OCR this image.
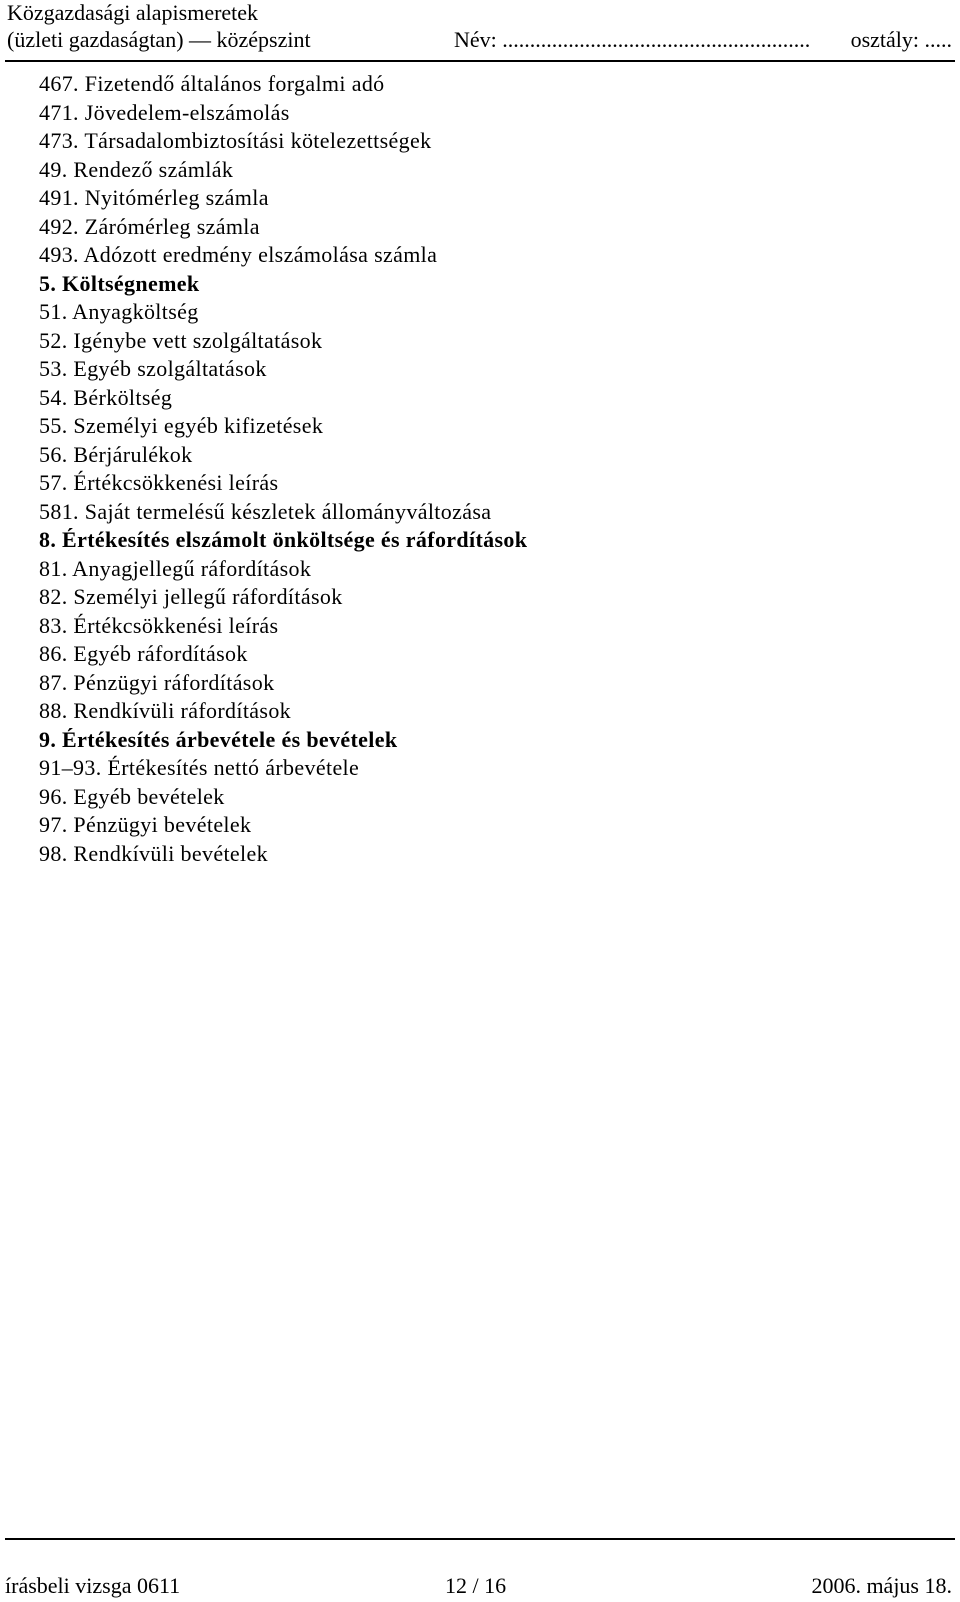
Közgazdasági alapismeretek
(üzleti gazdaságtan) — középszint	Név: ........................................................ osztály: .....
467. Fizetendő általános forgalmi adó
471. Jövedelem-elszámolás
473. Társadalombiztosítási kötelezettségek
49. Rendező számlák
491. Nyitómérleg számla
492. Zárómérleg számla
493. Adózott eredmény elszámolása számla
5. Költségnemek
51. Anyagköltség
52. Igénybe vett szolgáltatások
53. Egyéb szolgáltatások
54. Bérköltség
55. Személyi egyéb kifizetések
56. Bérjárulékok
57. Értékcsökkenési leírás
581. Saját termelésű készletek állományváltozása
8. Értékesítés elszámolt önköltsége és ráfordítások
81. Anyagjellegű ráfordítások
82. Személyi jellegű ráfordítások
83. Értékcsökkenési leírás
86. Egyéb ráfordítások
87. Pénzügyi ráfordítások
88. Rendkívüli ráfordítások
9. Értékesítés árbevétele és bevételek
91–93. Értékesítés nettó árbevétele
96. Egyéb bevételek
97. Pénzügyi bevételek
98. Rendkívüli bevételek
írásbeli vizsga 0611	12 / 16	2006. május 18.
